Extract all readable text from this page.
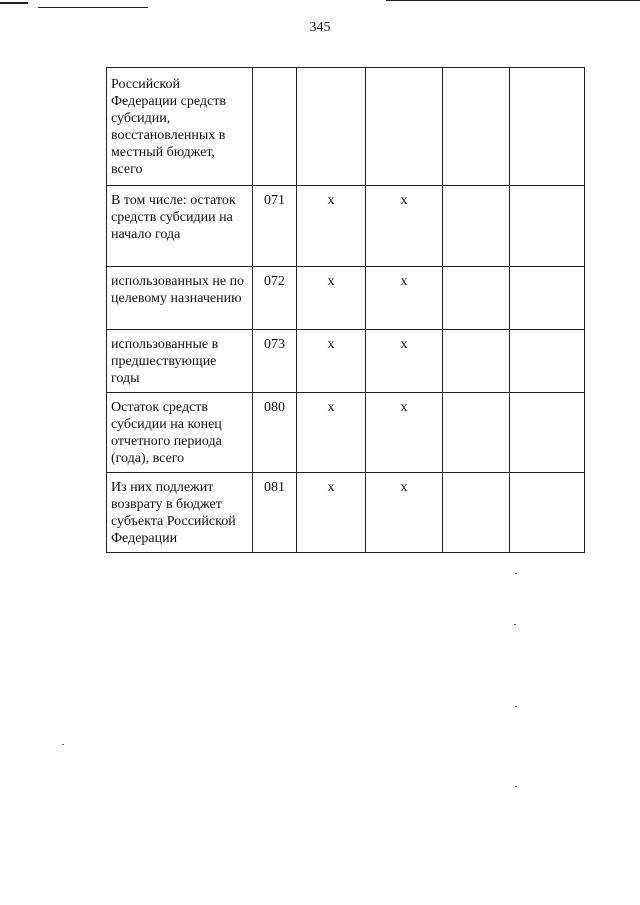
345
Российской Федерации средств субсидии, восстановленных в местный бюджет, всего					
В том числе: остаток средств субсидии на начало года	071	х	х		
использованных не по целевому назначению	072	х	х		
использованные в предшествующие годы	073	х	х		
Остаток средств субсидии на конец отчетного периода (года), всего	080	х	х		
Из них подлежит возврату в бюджет субъекта Российской Федерации	081	х	х		
